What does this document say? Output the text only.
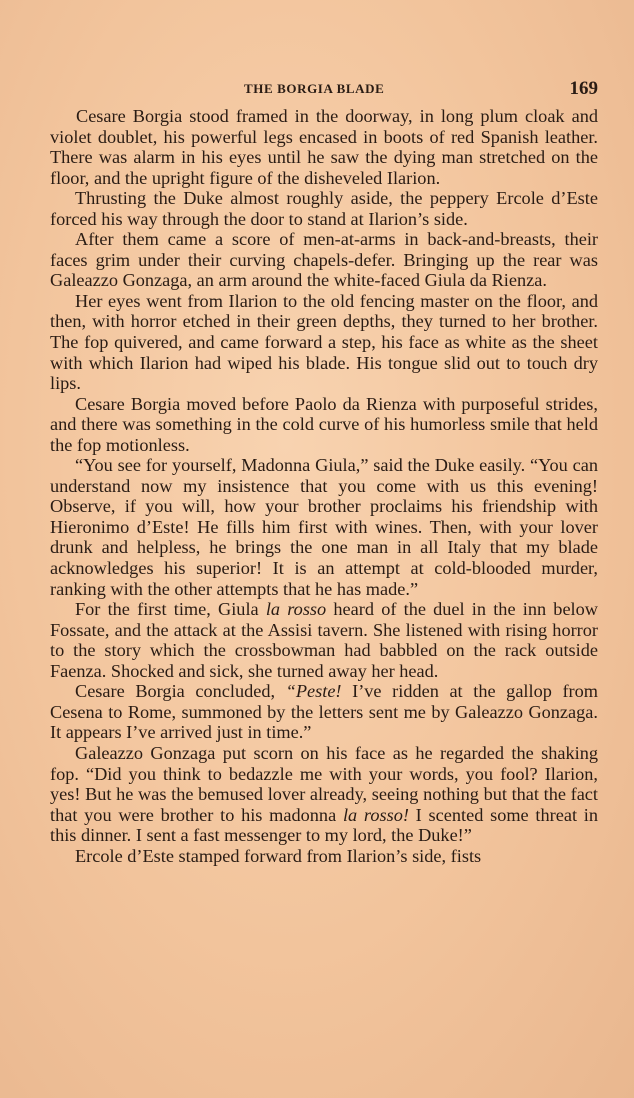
THE BORGIA BLADE	169

Cesare Borgia stood framed in the doorway, in long plum cloak and violet doublet, his powerful legs encased in boots of red Spanish leather. There was alarm in his eyes until he saw the dying man stretched on the floor, and the upright figure of the disheveled Ilarion.

Thrusting the Duke almost roughly aside, the peppery Ercole d’Este forced his way through the door to stand at Ilarion’s side.

After them came a score of men-at-arms in back-and-breasts, their faces grim under their curving chapels-defer. Bringing up the rear was Galeazzo Gonzaga, an arm around the white-faced Giula da Rienza.

Her eyes went from Ilarion to the old fencing master on the floor, and then, with horror etched in their green depths, they turned to her brother. The fop quivered, and came forward a step, his face as white as the sheet with which Ilarion had wiped his blade. His tongue slid out to touch dry lips.

Cesare Borgia moved before Paolo da Rienza with purposeful strides, and there was something in the cold curve of his humorless smile that held the fop motionless.

“You see for yourself, Madonna Giula,” said the Duke easily. “You can understand now my insistence that you come with us this evening! Observe, if you will, how your brother proclaims his friendship with Hieronimo d’Este! He fills him first with wines. Then, with your lover drunk and helpless, he brings the one man in all Italy that my blade acknowledges his superior! It is an attempt at cold-blooded murder, ranking with the other attempts that he has made.”

For the first time, Giula la rosso heard of the duel in the inn below Fossate, and the attack at the Assisi tavern. She listened with rising horror to the story which the crossbowman had babbled on the rack outside Faenza. Shocked and sick, she turned away her head.

Cesare Borgia concluded, “Peste! I’ve ridden at the gallop from Cesena to Rome, summoned by the letters sent me by Galeazzo Gonzaga. It appears I’ve arrived just in time.”

Galeazzo Gonzaga put scorn on his face as he regarded the shaking fop. “Did you think to bedazzle me with your words, you fool? Ilarion, yes! But he was the bemused lover already, seeing nothing but that the fact that you were brother to his madonna la rosso! I scented some threat in this dinner. I sent a fast messenger to my lord, the Duke!”

Ercole d’Este stamped forward from Ilarion’s side, fists
